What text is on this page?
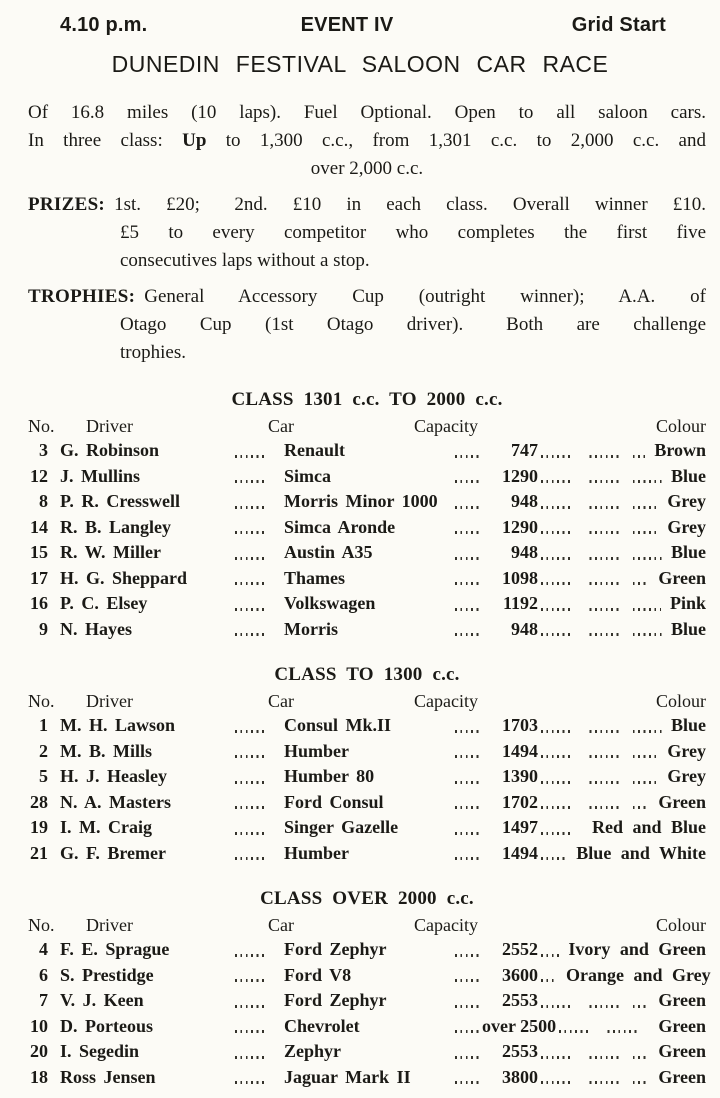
4.10 p.m.	EVENT IV	Grid Start
DUNEDIN FESTIVAL SALOON CAR RACE
Of 16.8 miles (10 laps). Fuel Optional. Open to all saloon cars.
In three class: Up to 1,300 c.c., from 1,301 c.c. to 2,000 c.c. and
over 2,000 c.c.
PRIZES: 1st. £20;  2nd. £10 in each class. Overall winner £10.
£5 to every competitor who completes the first five
consecutives laps without a stop.
TROPHIES: General Accessory Cup (outright winner); A.A. of
Otago Cup (1st Otago driver).  Both are challenge
trophies.
CLASS 1301 c.c. TO 2000 c.c.
No.	Driver	Car	Capacity	Colour
3 G. Robinson	Renault	747	Brown
12 J. Mullins	Simca	1290	Blue
8 P. R. Cresswell	Morris Minor 1000	948	Grey
14 R. B. Langley	Simca Aronde	1290	Grey
15 R. W. Miller	Austin A35	948	Blue
17 H. G. Sheppard	Thames	1098	Green
16 P. C. Elsey	Volkswagen	1192	Pink
9 N. Hayes	Morris	948	Blue
CLASS TO 1300 c.c.
No.	Driver	Car	Capacity	Colour
1 M. H. Lawson	Consul Mk.II	1703	Blue
2 M. B. Mills	Humber	1494	Grey
5 H. J. Heasley	Humber 80	1390	Grey
28 N. A. Masters	Ford Consul	1702	Green
19 I. M. Craig	Singer Gazelle	1497	Red and Blue
21 G. F. Bremer	Humber	1494	Blue and White
CLASS OVER 2000 c.c.
No.	Driver	Car	Capacity	Colour
4 F. E. Sprague	Ford Zephyr	2552	Ivory and Green
6 S. Prestidge	Ford V8	3600	Orange and Grey
7 V. J. Keen	Ford Zephyr	2553	Green
10 D. Porteous	Chevrolet	over 2500	Green
20 I. Segedin	Zephyr	2553	Green
18 Ross Jensen	Jaguar Mark II	3800	Green
